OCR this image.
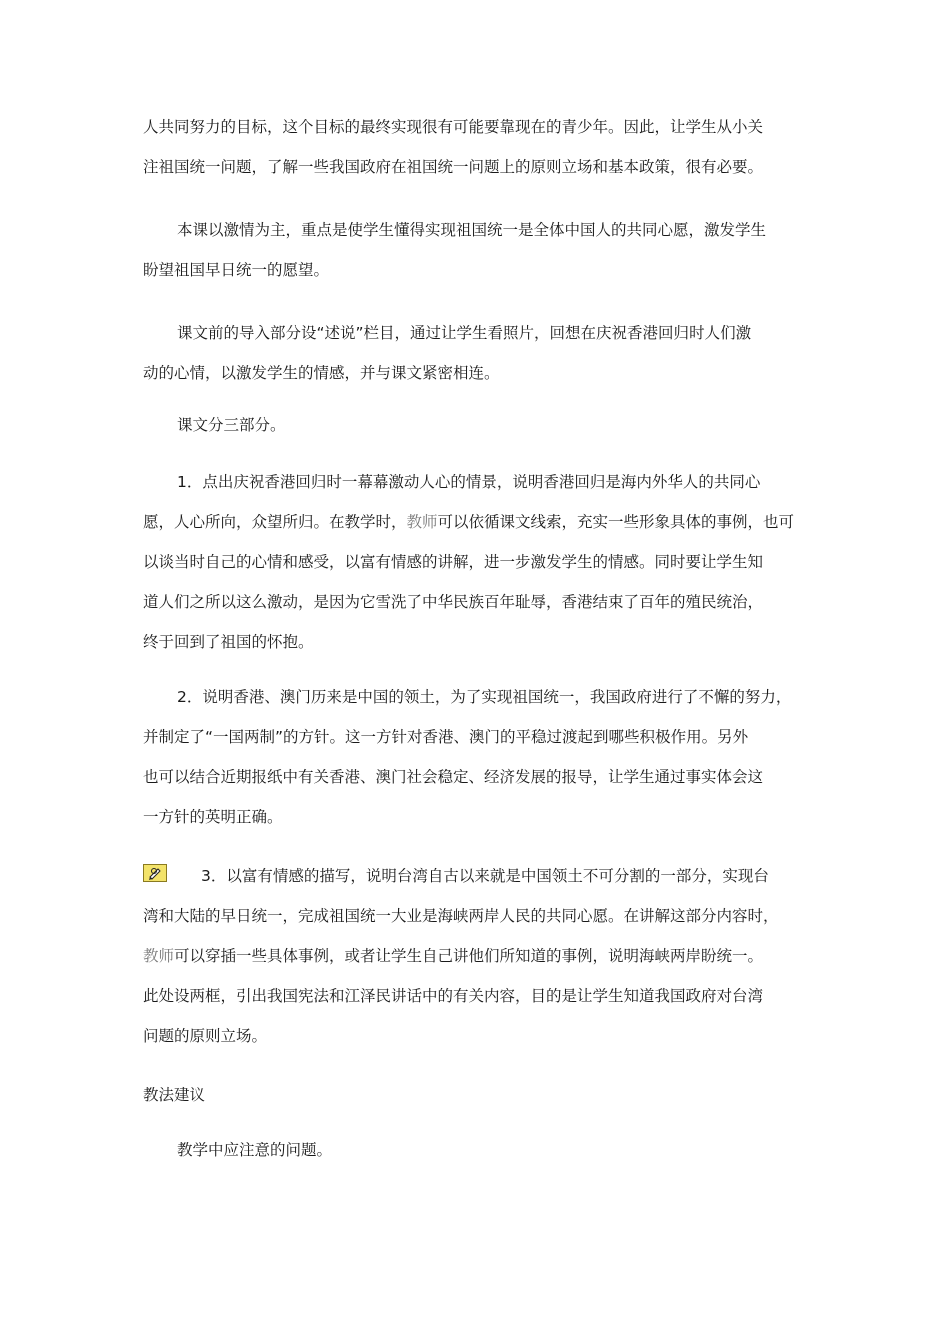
人共同努力的目标，这个目标的最终实现很有可能要靠现在的青少年。因此，让学生从小关
注祖国统一问题，了解一些我国政府在祖国统一问题上的原则立场和基本政策，很有必要。
本课以激情为主，重点是使学生懂得实现祖国统一是全体中国人的共同心愿，激发学生
盼望祖国早日统一的愿望。
课文前的导入部分设“述说”栏目，通过让学生看照片，回想在庆祝香港回归时人们激
动的心情，以激发学生的情感，并与课文紧密相连。
课文分三部分。
1．点出庆祝香港回归时一幕幕激动人心的情景，说明香港回归是海内外华人的共同心
愿，人心所向，众望所归。在教学时，教师可以依循课文线索，充实一些形象具体的事例，也可
以谈当时自己的心情和感受，以富有情感的讲解，进一步激发学生的情感。同时要让学生知
道人们之所以这么激动，是因为它雪洗了中华民族百年耻辱，香港结束了百年的殖民统治，
终于回到了祖国的怀抱。
2．说明香港、澳门历来是中国的领土，为了实现祖国统一，我国政府进行了不懈的努力，
并制定了“一国两制”的方针。这一方针对香港、澳门的平稳过渡起到哪些积极作用。另外
也可以结合近期报纸中有关香港、澳门社会稳定、经济发展的报导，让学生通过事实体会这
一方针的英明正确。
3．以富有情感的描写，说明台湾自古以来就是中国领土不可分割的一部分，实现台
湾和大陆的早日统一，完成祖国统一大业是海峡两岸人民的共同心愿。在讲解这部分内容时，
教师可以穿插一些具体事例，或者让学生自己讲他们所知道的事例，说明海峡两岸盼统一。
此处设两框，引出我国宪法和江泽民讲话中的有关内容，目的是让学生知道我国政府对台湾
问题的原则立场。
教法建议
教学中应注意的问题。
